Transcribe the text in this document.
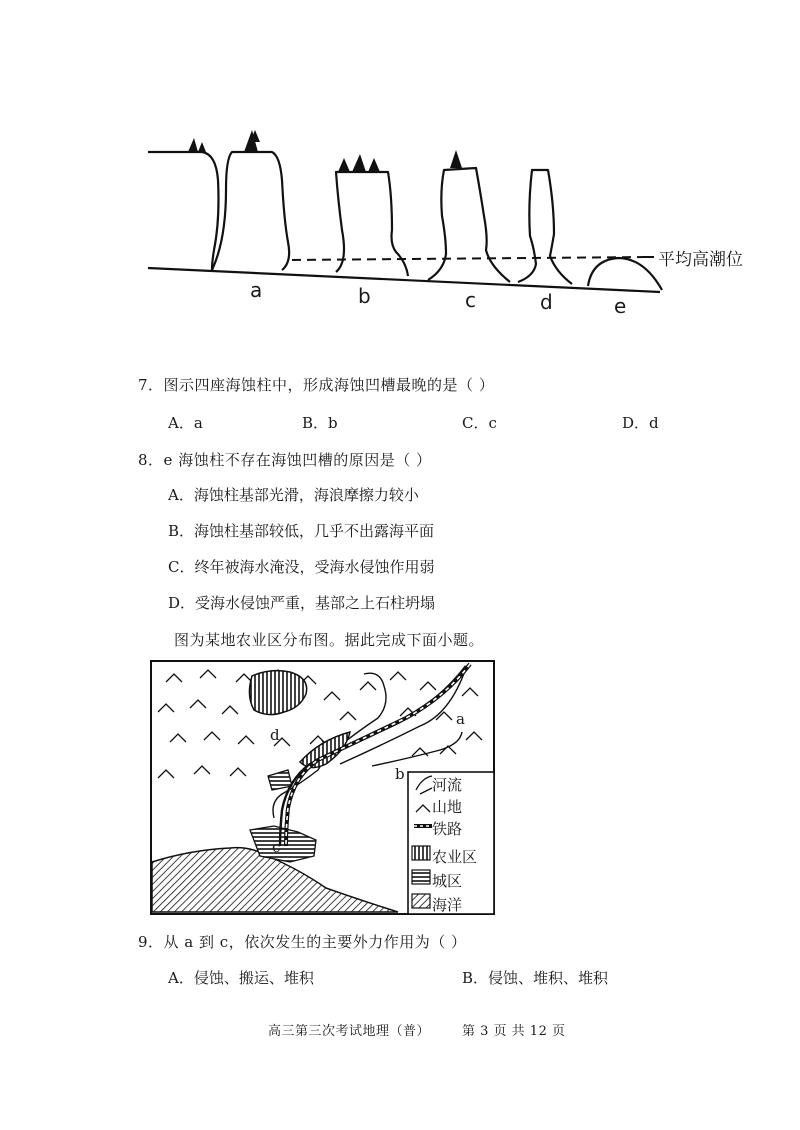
a	b	c	d	e
平均高潮位
7．图示四座海蚀柱中，形成海蚀凹槽最晚的是（ ）
A．a	B．b	C．c	D．d
8．e 海蚀柱不存在海蚀凹槽的原因是（ ）
A．海蚀柱基部光滑，海浪摩擦力较小
B．海蚀柱基部较低，几乎不出露海平面
C．终年被海水淹没，受海水侵蚀作用弱
D．受海水侵蚀严重，基部之上石柱坍塌
图为某地农业区分布图。据此完成下面小题。
a
b
c
d
河流
山地
铁路
农业区
城区
海洋
9．从 a 到 c，依次发生的主要外力作用为（ ）
A．侵蚀、搬运、堆积	B．侵蚀、堆积、堆积
高三第三次考试地理（普） 第 3 页 共 12 页
